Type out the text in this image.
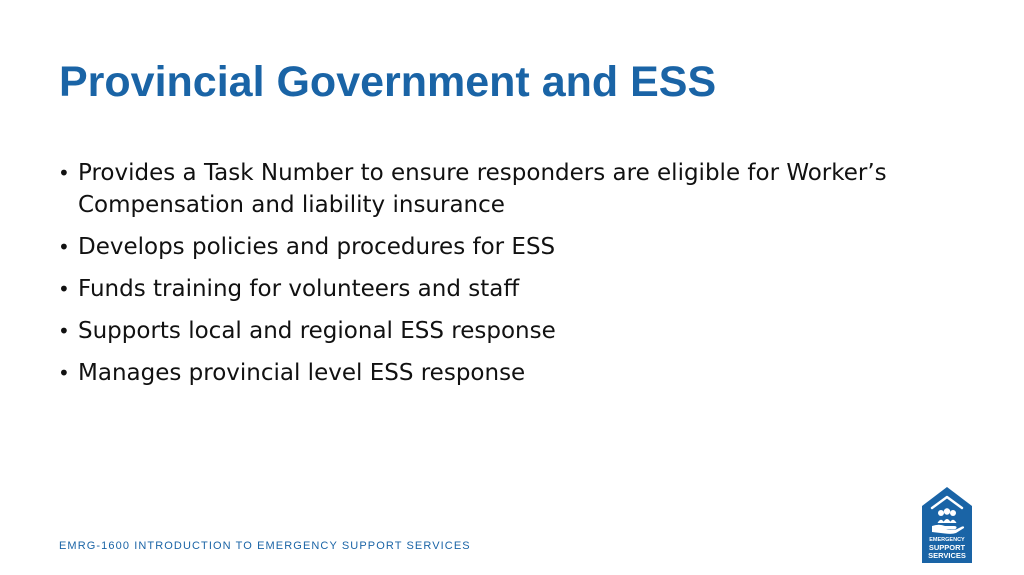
Provincial Government and ESS
• Provides a Task Number to ensure responders are eligible for Worker’s Compensation and liability insurance
• Develops policies and procedures for ESS
• Funds training for volunteers and staff
• Supports local and regional ESS response
• Manages provincial level ESS response
EMRG-1600 INTRODUCTION TO EMERGENCY SUPPORT SERVICES	EMERGENCY
SUPPORT
SERVICES
